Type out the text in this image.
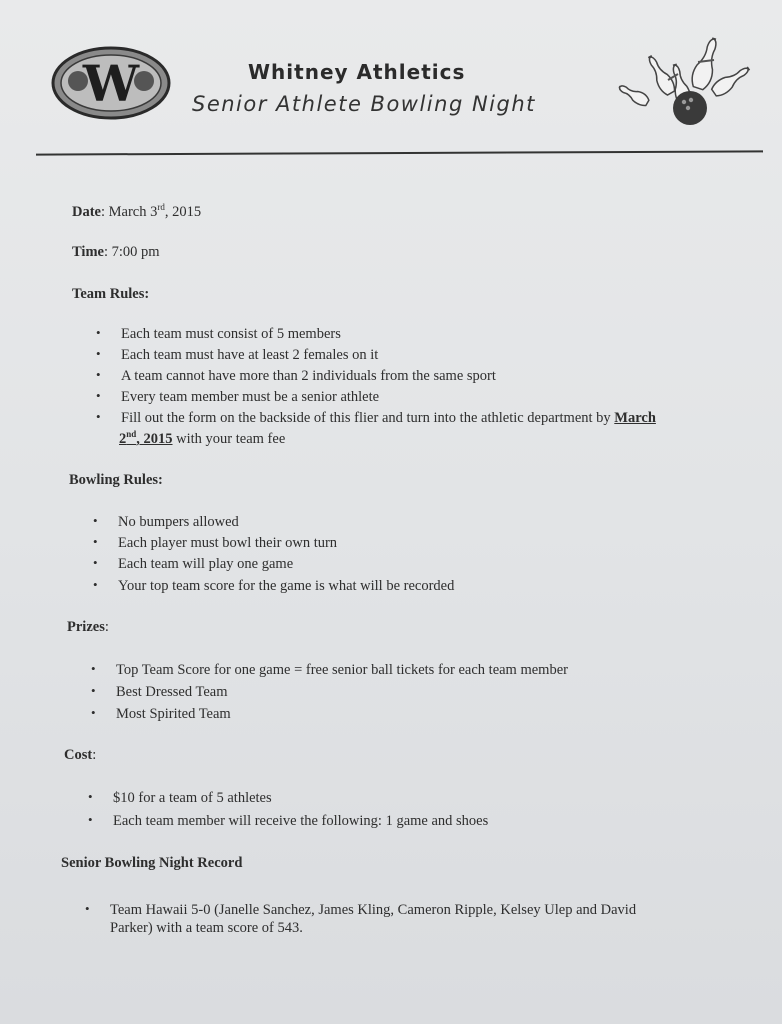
W	Whitney Athletics
Senior Athlete Bowling Night
Date: March 3rd, 2015
Time: 7:00 pm
Team Rules:
• Each team must consist of 5 members
• Each team must have at least 2 females on it
• A team cannot have more than 2 individuals from the same sport
• Every team member must be a senior athlete
• Fill out the form on the backside of this flier and turn into the athletic department by March
2nd, 2015 with your team fee
Bowling Rules:
• No bumpers allowed
• Each player must bowl their own turn
• Each team will play one game
• Your top team score for the game is what will be recorded
Prizes:
• Top Team Score for one game = free senior ball tickets for each team member
• Best Dressed Team
• Most Spirited Team
Cost:
• $10 for a team of 5 athletes
• Each team member will receive the following: 1 game and shoes
Senior Bowling Night Record
• Team Hawaii 5-0 (Janelle Sanchez, James Kling, Cameron Ripple, Kelsey Ulep and David
Parker) with a team score of 543.
